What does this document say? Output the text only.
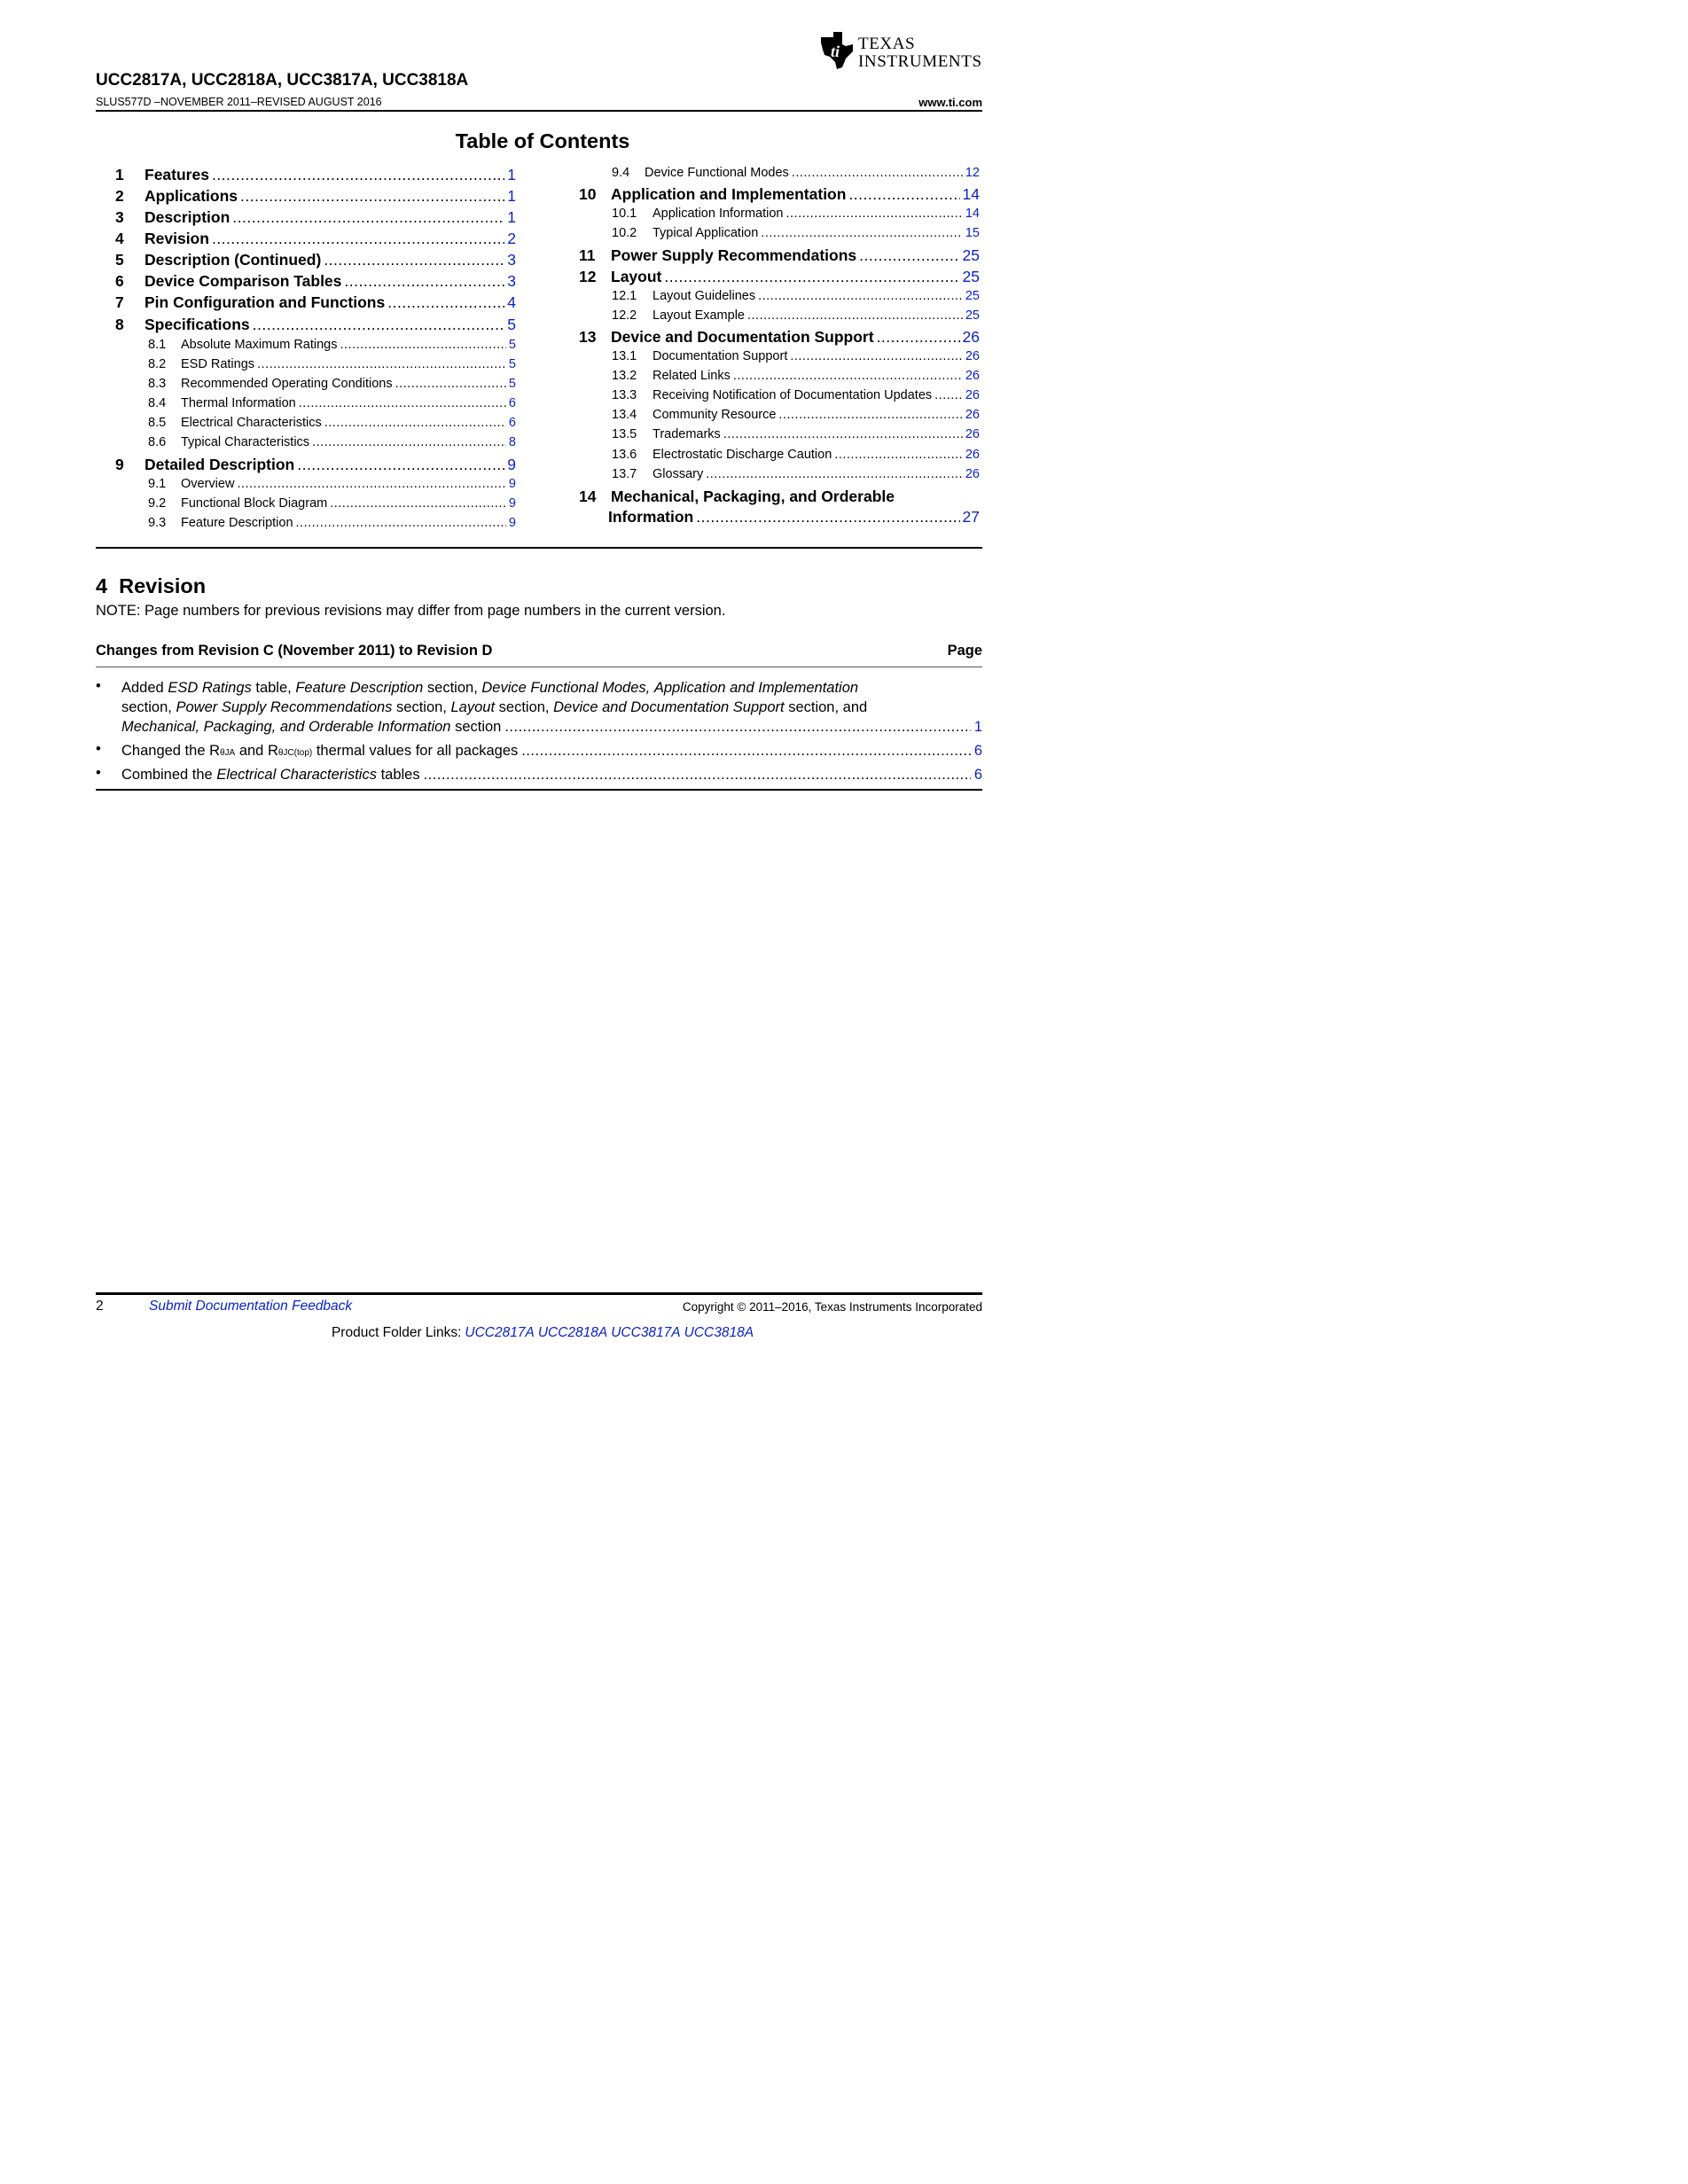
ti TEXAS
INSTRUMENTS
UCC2817A, UCC2818A, UCC3817A, UCC3818A
SLUS577D –NOVEMBER 2011–REVISED AUGUST 2016	www.ti.com
Table of Contents
1	Features .....	1
2	Applications .....	1
3	Description .....	1
4	Revision .....	2
5	Description (Continued) .....	3
6	Device Comparison Tables .....	3
7	Pin Configuration and Functions .....	4
8	Specifications .....	5
8.1	Absolute Maximum Ratings .....	5
8.2	ESD Ratings .....	5
8.3	Recommended Operating Conditions .....	5
8.4	Thermal Information .....	6
8.5	Electrical Characteristics .....	6
8.6	Typical Characteristics .....	8
9	Detailed Description .....	9
9.1	Overview .....	9
9.2	Functional Block Diagram .....	9
9.3	Feature Description .....	9
9.4	Device Functional Modes .....	12
10 Application and Implementation .....	14
10.1	Application Information .....	14
10.2	Typical Application .....	15
11	Power Supply Recommendations .....	25
12 Layout .....	25
12.1	Layout Guidelines .....	25
12.2	Layout Example .....	25
13 Device and Documentation Support .....	26
13.1	Documentation Support .....	26
13.2	Related Links .....	26
13.3	Receiving Notification of Documentation Updates .....	26
13.4	Community Resource .....	26
13.5	Trademarks .....	26
13.6	Electrostatic Discharge Caution .....	26
13.7	Glossary .....	26
14 Mechanical, Packaging, and Orderable
Information .....	27
4 Revision
NOTE: Page numbers for previous revisions may differ from page numbers in the current version.
Changes from Revision C (November 2011) to Revision D	Page
• Added
ESD Ratings
table,
Feature Description
section,
Device Functional Modes,
Application and Implementation
section,
Power Supply Recommendations
section,
Layout
section,
Device and Documentation Support
section, and
Mechanical, Packaging, and Orderable Information
section .....	1
• Changed the R θJA
and R θJC(top)
thermal values for all packages .....	6
• Combined the
Electrical Characteristics
tables .....	6
2	Submit Documentation Feedback	Copyright © 2011–2016, Texas Instruments Incorporated
Product Folder Links: UCC2817A UCC2818A UCC3817A UCC3818A
